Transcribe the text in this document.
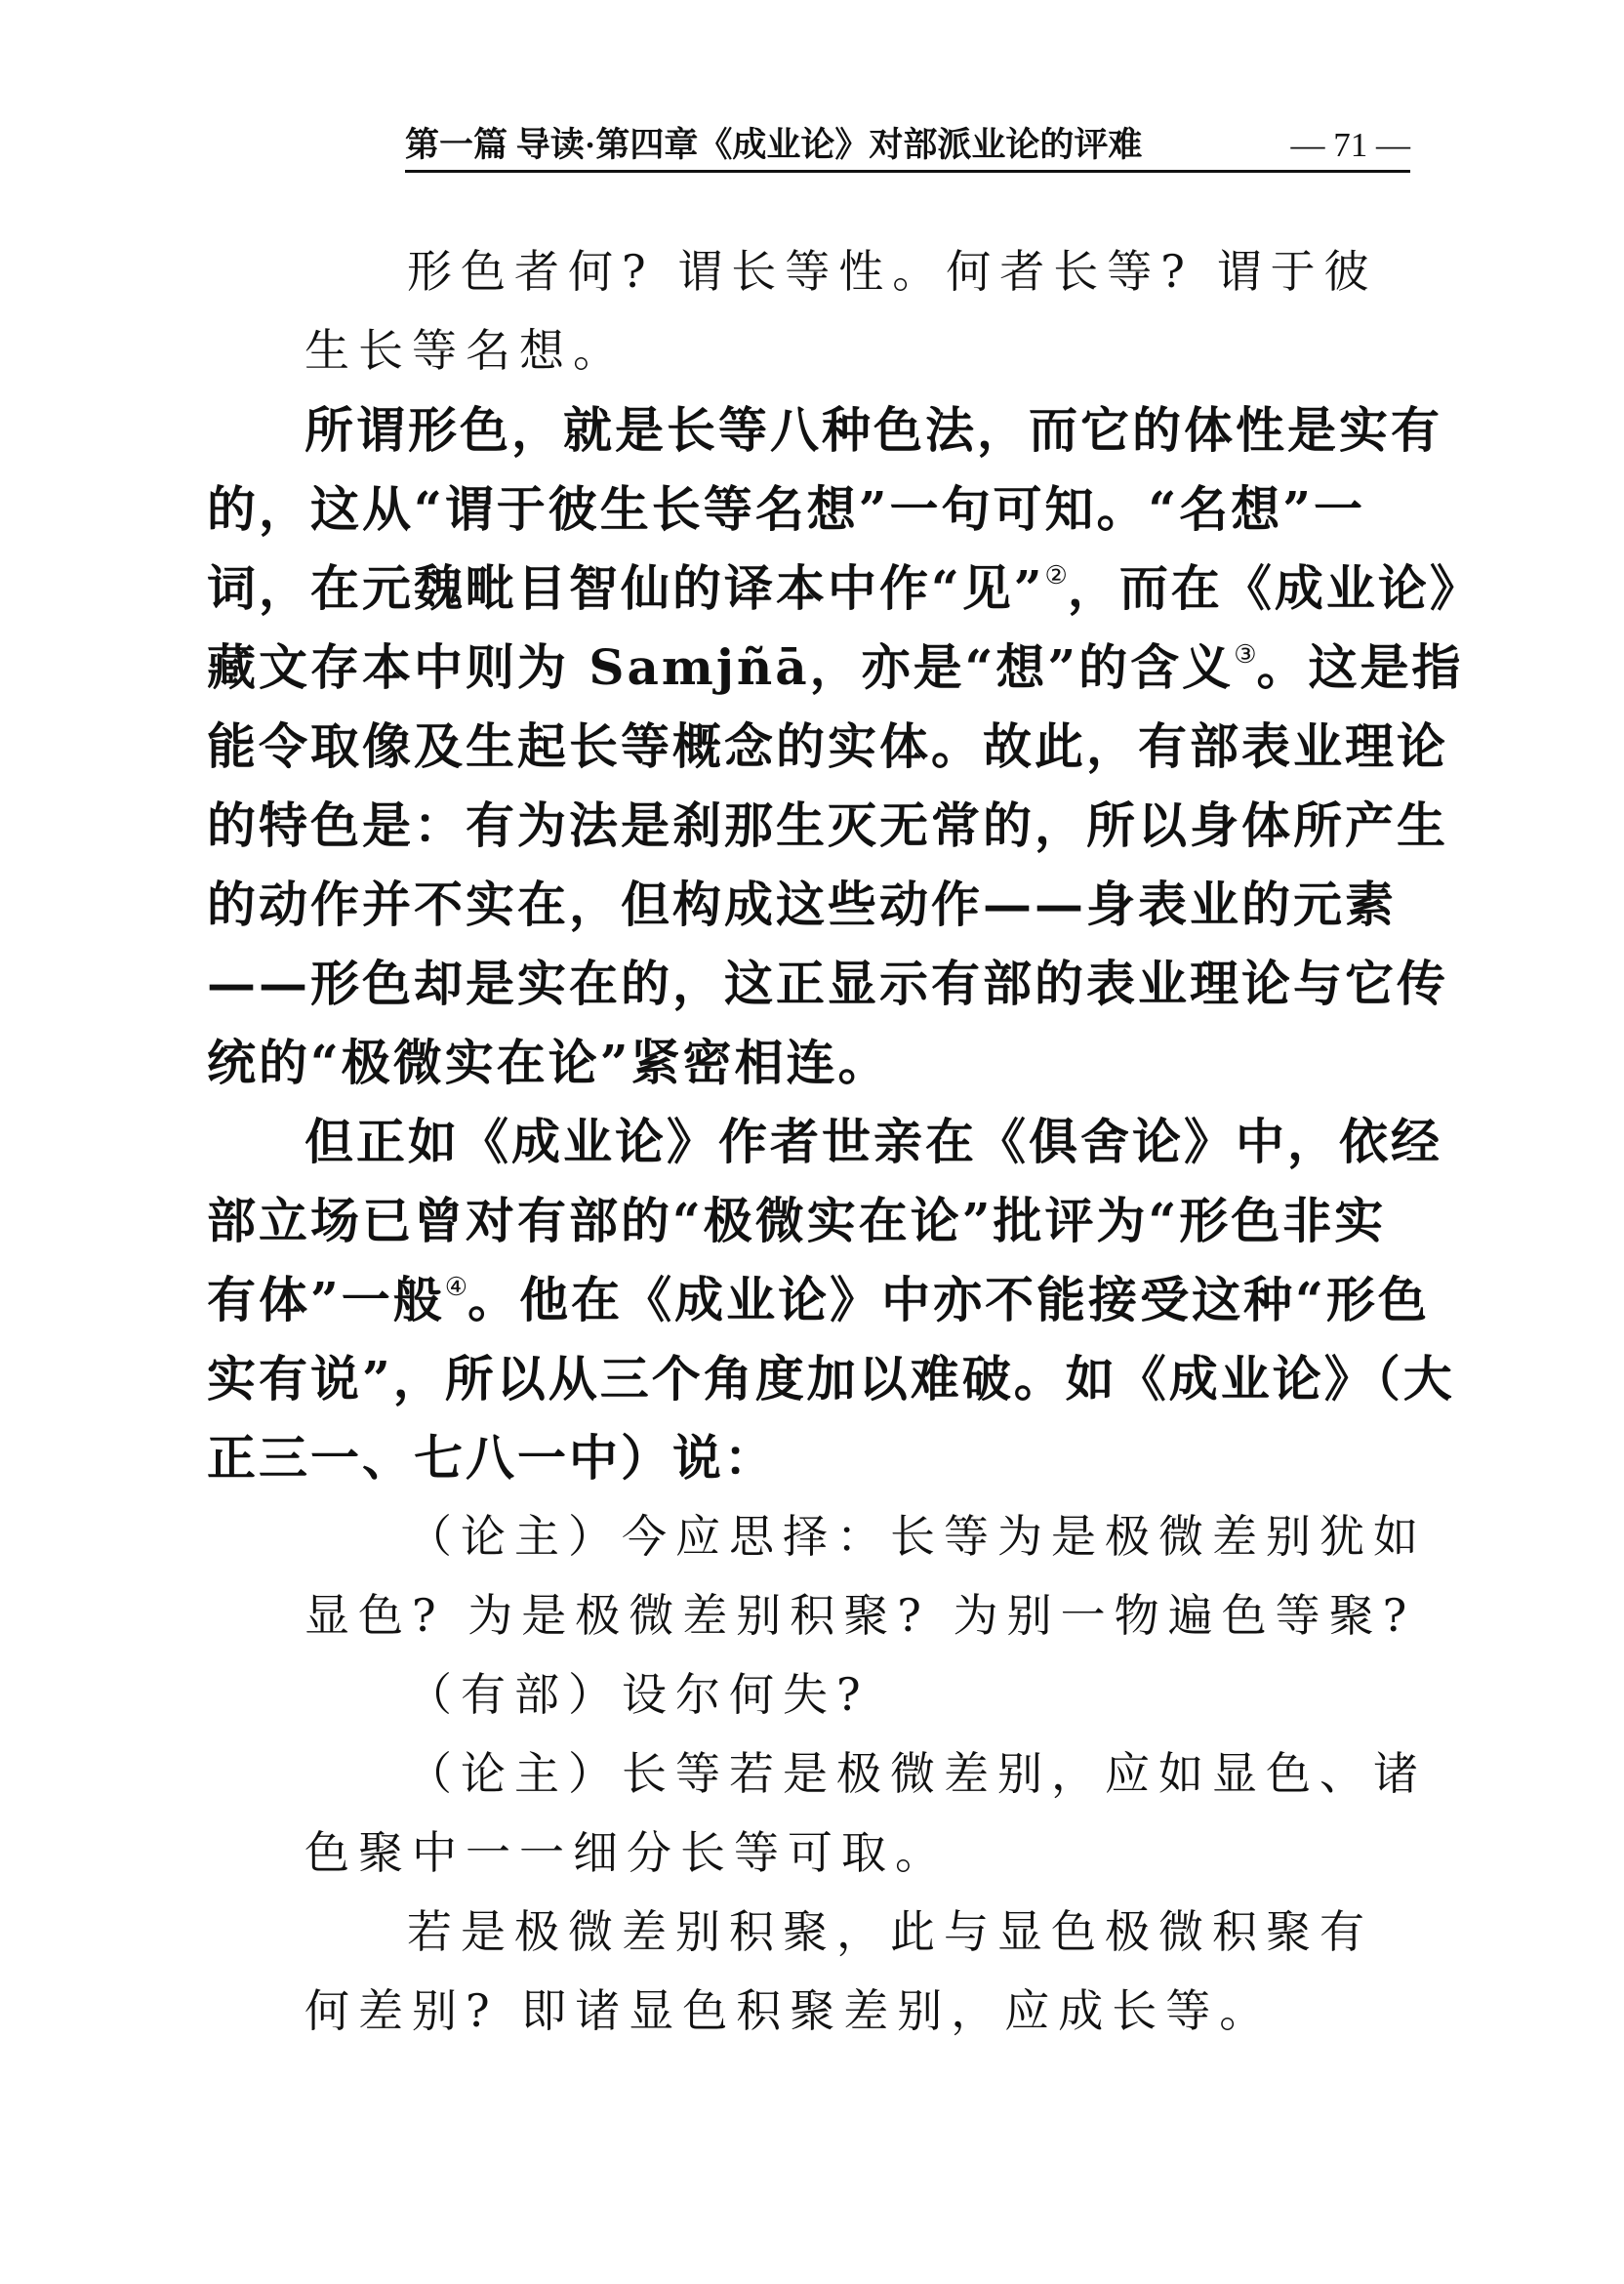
第一篇 导读·第四章《成业论》对部派业论的评难	— 71 —
形色者何? 谓长等性。何者长等? 谓于彼
生长等名想。
所谓形色，就是长等八种色法，而它的体性是实有
的，这从“谓于彼生长等名想”一句可知。“名想”一
词，在元魏毗目智仙的译本中作“见”②，而在《成业论》
藏文存本中则为 Samjñā，亦是“想”的含义③。这是指
能令取像及生起长等概念的实体。故此，有部表业理论
的特色是：有为法是刹那生灭无常的，所以身体所产生
的动作并不实在，但构成这些动作——身表业的元素
——形色却是实在的，这正显示有部的表业理论与它传
统的“极微实在论”紧密相连。
但正如《成业论》作者世亲在《俱舍论》中，依经
部立场已曾对有部的“极微实在论”批评为“形色非实
有体”一般④。他在《成业论》中亦不能接受这种“形色
实有说”，所以从三个角度加以难破。如《成业论》（大
正三一、七八一中）说：
（论主）今应思择：长等为是极微差别犹如
显色? 为是极微差别积聚? 为别一物遍色等聚?
（有部）设尔何失?
（论主）长等若是极微差别，应如显色、诸
色聚中一一细分长等可取。
若是极微差别积聚，此与显色极微积聚有
何差别? 即诸显色积聚差别，应成长等。
